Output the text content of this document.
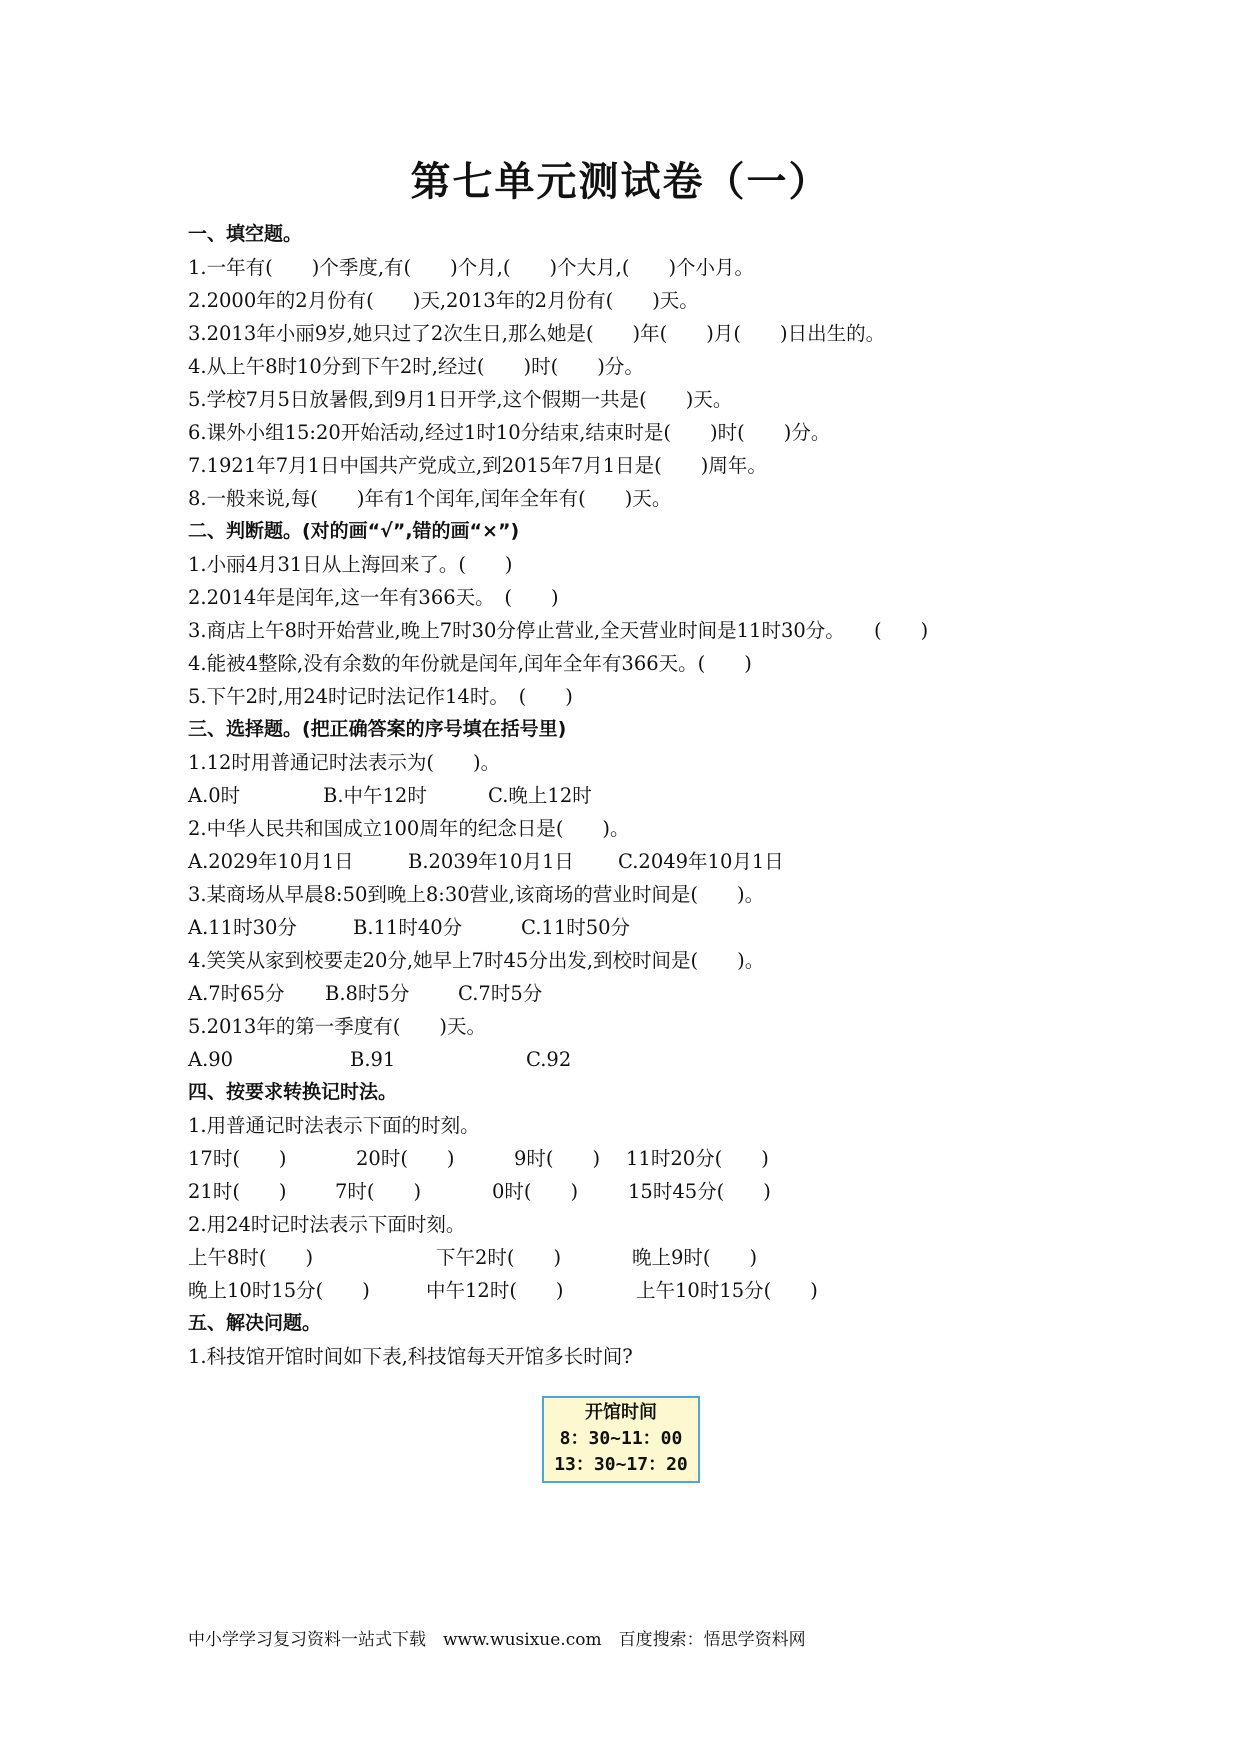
第七单元测试卷（一）
一、填空题。
1.一年有(　　)个季度,有(　　)个月,(　　)个大月,(　　)个小月。
2.2000年的2月份有(　　)天,2013年的2月份有(　　)天。
3.2013年小丽9岁,她只过了2次生日,那么她是(　　)年(　　)月(　　)日出生的。
4.从上午8时10分到下午2时,经过(　　)时(　　)分。
5.学校7月5日放暑假,到9月1日开学,这个假期一共是(　　)天。
6.课外小组15:20开始活动,经过1时10分结束,结束时是(　　)时(　　)分。
7.1921年7月1日中国共产党成立,到2015年7月1日是(　　)周年。
8.一般来说,每(　　)年有1个闰年,闰年全年有(　　)天。
二、判断题。(对的画“√”,错的画“×”)
1.小丽4月31日从上海回来了。(　　)
2.2014年是闰年,这一年有366天。　(　　)
3.商店上午8时开始营业,晚上7时30分停止营业,全天营业时间是11时30分。　　(　　)
4.能被4整除,没有余数的年份就是闰年,闰年全年有366天。(　　)
5.下午2时,用24时记时法记作14时。　(　　)
三、选择题。(把正确答案的序号填在括号里)
1.12时用普通记时法表示为(　　)。
A.0时	B.中午12时	C.晚上12时
2.中华人民共和国成立100周年的纪念日是(　　)。
A.2029年10月1日	B.2039年10月1日	C.2049年10月1日
3.某商场从早晨8:50到晚上8:30营业,该商场的营业时间是(　　)。
A.11时30分	B.11时40分	C.11时50分
4.笑笑从家到校要走20分,她早上7时45分出发,到校时间是(　　)。
A.7时65分	B.8时5分	C.7时5分
5.2013年的第一季度有(　　)天。
A.90	B.91	C.92
四、按要求转换记时法。
1.用普通记时法表示下面的时刻。
17时(　　)	20时(　　)	9时(　　)	11时20分(　　)
21时(　　)	7时(　　)	0时(　　)	15时45分(　　)
2.用24时记时法表示下面时刻。
上午8时(　　)	下午2时(　　)	晚上9时(　　)
晚上10时15分(　　)	中午12时(　　)	上午10时15分(　　)
五、解决问题。
1.科技馆开馆时间如下表,科技馆每天开馆多长时间?
开馆时间
8：30~11：00
13：30~17：20
中小学学习复习资料一站式下载　www.wusixue.com　百度搜索：悟思学资料网
